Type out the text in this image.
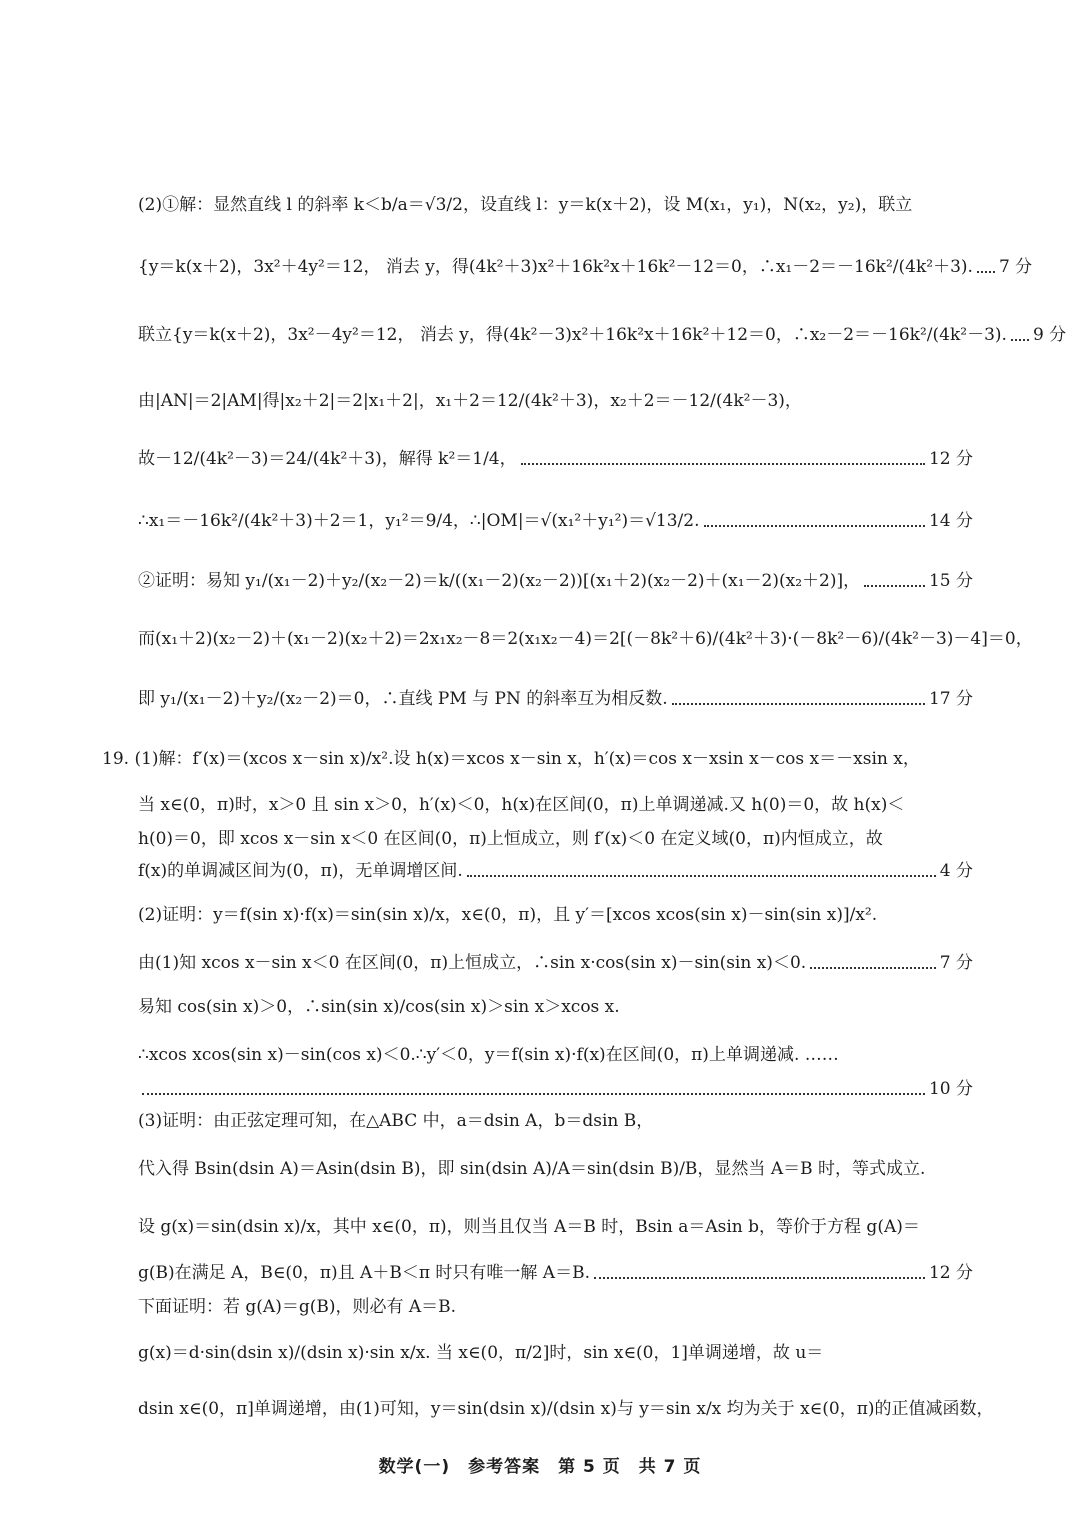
(2)①解：显然直线 l 的斜率 k＜b/a＝√3/2，设直线 l：y＝k(x＋2)，设 M(x₁，y₁)，N(x₂，y₂)，联立
{y＝k(x＋2)，3x²＋4y²＝12， 消去 y，得(4k²＋3)x²＋16k²x＋16k²－12＝0，∴x₁－2＝－16k²/(4k²＋3). 7 分
联立{y＝k(x＋2)，3x²－4y²＝12， 消去 y，得(4k²－3)x²＋16k²x＋16k²＋12＝0，∴x₂－2＝－16k²/(4k²－3). 9 分
由|AN|＝2|AM|得|x₂＋2|＝2|x₁＋2|，x₁＋2＝12/(4k²＋3)，x₂＋2＝－12/(4k²－3)，
故－12/(4k²－3)＝24/(4k²＋3)，解得 k²＝1/4，	12 分
∴x₁＝－16k²/(4k²＋3)＋2＝1，y₁²＝9/4，∴|OM|＝√(x₁²＋y₁²)＝√13/2.	14 分
②证明：易知 y₁/(x₁－2)＋y₂/(x₂－2)＝k/((x₁－2)(x₂－2))[(x₁＋2)(x₂－2)＋(x₁－2)(x₂＋2)]，	15 分
而(x₁＋2)(x₂－2)＋(x₁－2)(x₂＋2)＝2x₁x₂－8＝2(x₁x₂－4)＝2[(－8k²＋6)/(4k²＋3)·(－8k²－6)/(4k²－3)－4]＝0，
即 y₁/(x₁－2)＋y₂/(x₂－2)＝0，∴直线 PM 与 PN 的斜率互为相反数.	17 分
19. (1)解：f′(x)＝(xcos x－sin x)/x².设 h(x)＝xcos x－sin x，h′(x)＝cos x－xsin x－cos x＝－xsin x，
当 x∈(0，π)时，x＞0 且 sin x＞0，h′(x)＜0，h(x)在区间(0，π)上单调递减.又 h(0)＝0，故 h(x)＜
h(0)＝0，即 xcos x－sin x＜0 在区间(0，π)上恒成立，则 f′(x)＜0 在定义域(0，π)内恒成立，故
f(x)的单调减区间为(0，π)，无单调增区间.	4 分
(2)证明：y＝f(sin x)·f(x)＝sin(sin x)/x，x∈(0，π)，且 y′＝[xcos xcos(sin x)－sin(sin x)]/x².
由(1)知 xcos x－sin x＜0 在区间(0，π)上恒成立，∴sin x·cos(sin x)－sin(sin x)＜0.	7 分
易知 cos(sin x)＞0，∴sin(sin x)/cos(sin x)＞sin x＞xcos x.
∴xcos xcos(sin x)－sin(cos x)＜0.∴y′＜0，y＝f(sin x)·f(x)在区间(0，π)上单调递减. ……
10 分
(3)证明：由正弦定理可知，在△ABC 中，a＝dsin A，b＝dsin B，
代入得 Bsin(dsin A)＝Asin(dsin B)，即 sin(dsin A)/A＝sin(dsin B)/B，显然当 A＝B 时，等式成立.
设 g(x)＝sin(dsin x)/x，其中 x∈(0，π)，则当且仅当 A＝B 时，Bsin a＝Asin b，等价于方程 g(A)＝
g(B)在满足 A，B∈(0，π)且 A＋B＜π 时只有唯一解 A＝B.	12 分
下面证明：若 g(A)＝g(B)，则必有 A＝B.
g(x)＝d·sin(dsin x)/(dsin x)·sin x/x. 当 x∈(0，π/2]时，sin x∈(0，1]单调递增，故 u＝
dsin x∈(0，π]单调递增，由(1)可知，y＝sin(dsin x)/(dsin x)与 y＝sin x/x 均为关于 x∈(0，π)的正值减函数，
数学(一)　参考答案　第 5 页　共 7 页
